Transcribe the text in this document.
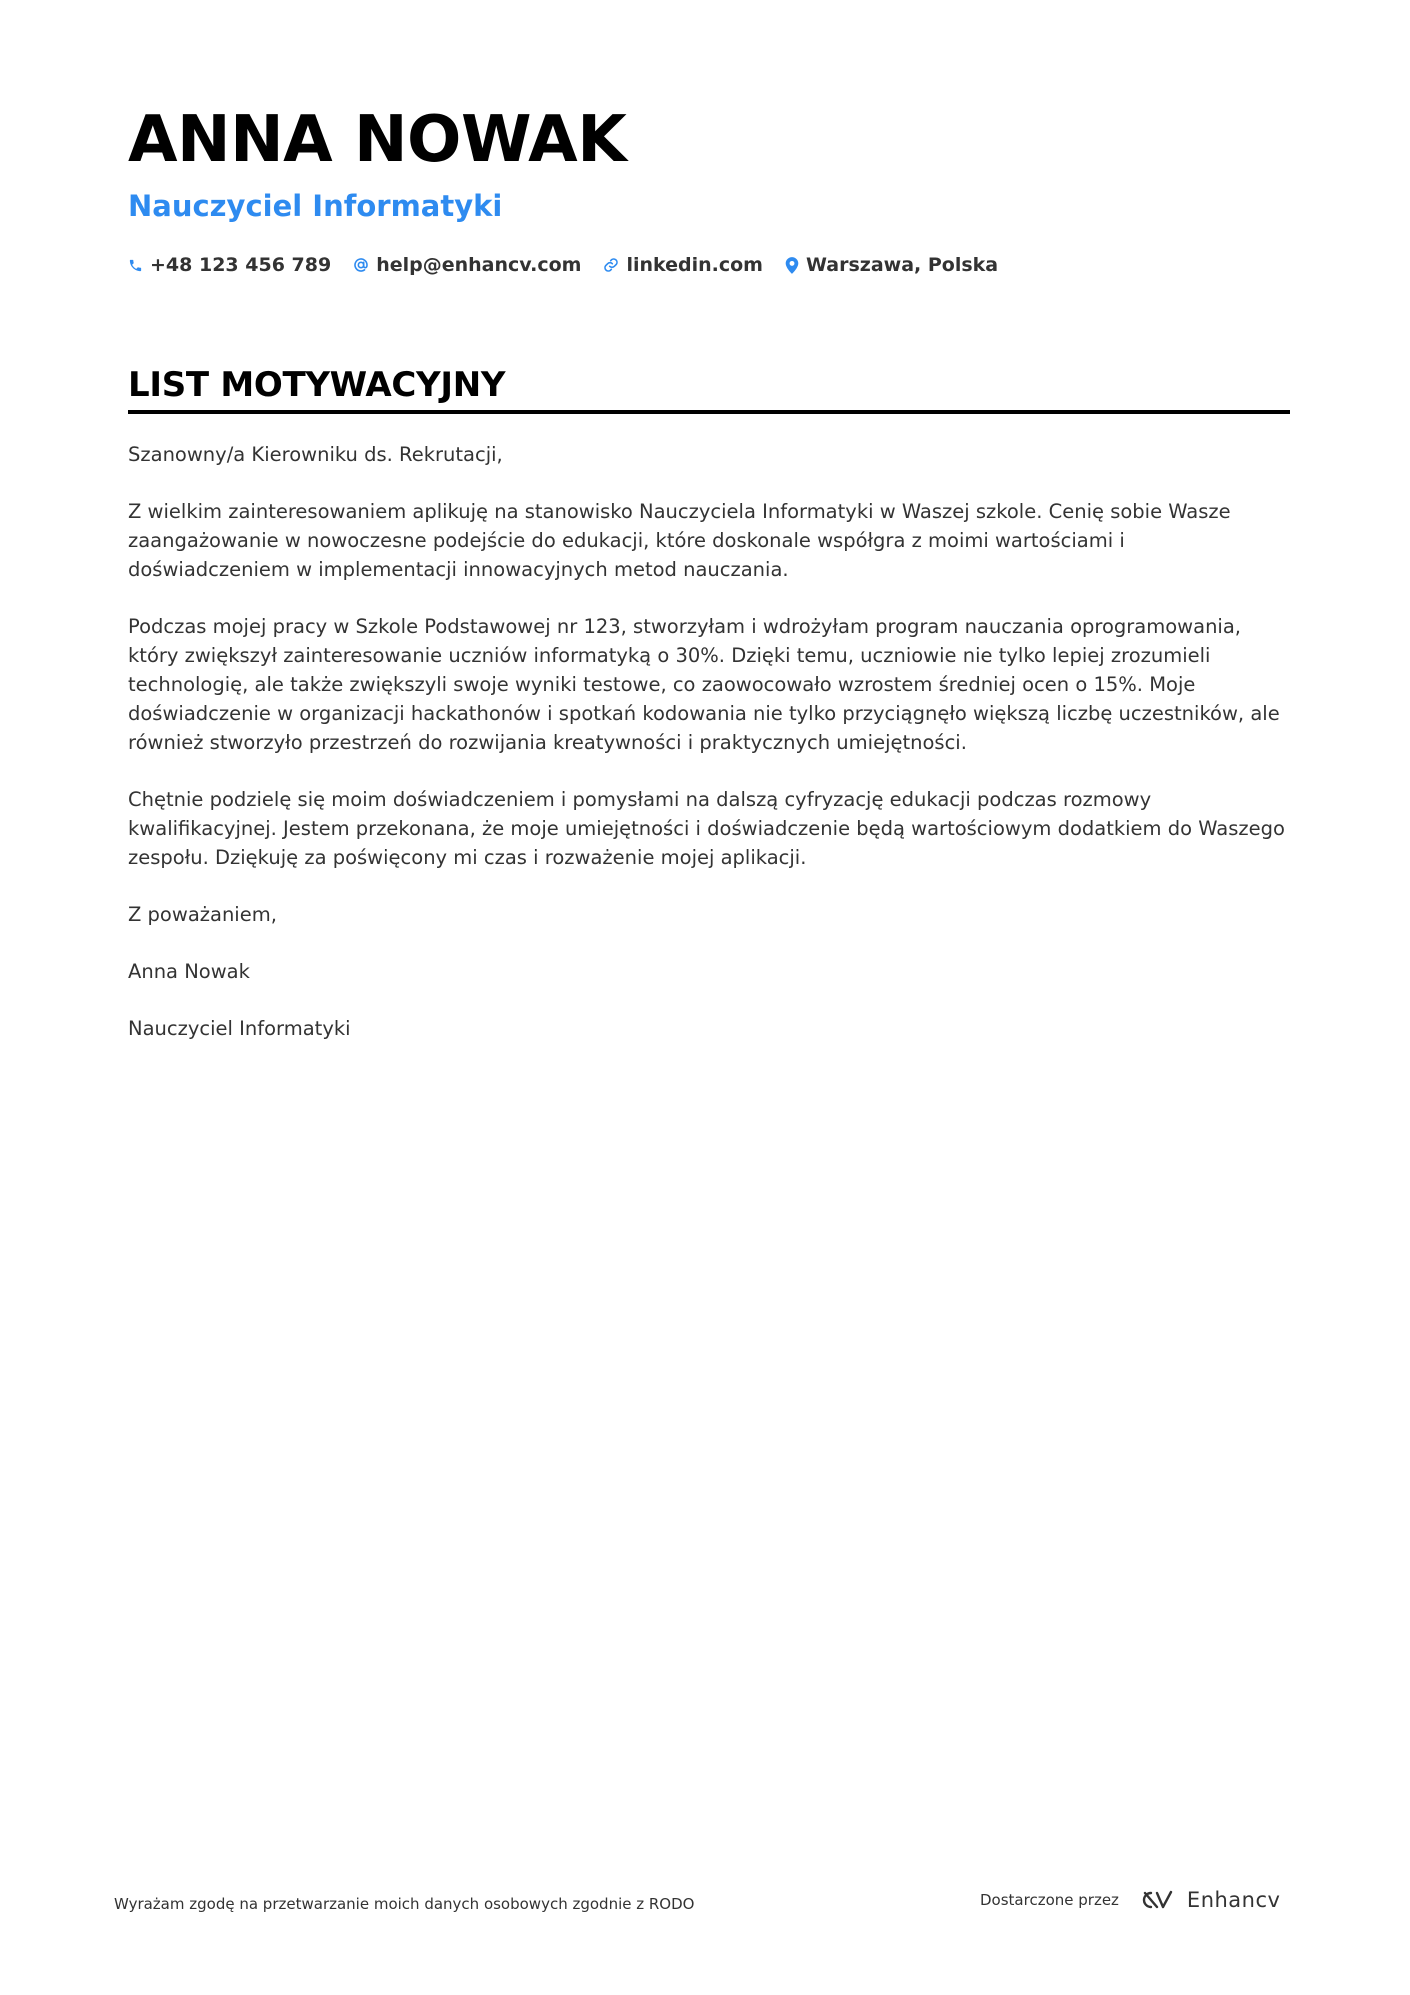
ANNA NOWAK
Nauczyciel Informatyki
+48 123 456 789 help@enhancv.com linkedin.com Warszawa, Polska
LIST MOTYWACYJNY

Szanowny/a Kierowniku ds. Rekrutacji,

Z wielkim zainteresowaniem aplikuję na stanowisko Nauczyciela Informatyki w Waszej szkole. Cenię sobie Wasze zaangażowanie w nowoczesne podejście do edukacji, które doskonale współgra z moimi wartościami i doświadczeniem w implementacji innowacyjnych metod nauczania.

Podczas mojej pracy w Szkole Podstawowej nr 123, stworzyłam i wdrożyłam program nauczania oprogramowania, który zwiększył zainteresowanie uczniów informatyką o 30%. Dzięki temu, uczniowie nie tylko lepiej zrozumieli technologię, ale także zwiększyli swoje wyniki testowe, co zaowocowało wzrostem średniej ocen o 15%. Moje doświadczenie w organizacji hackathonów i spotkań kodowania nie tylko przyciągnęło większą liczbę uczestników, ale również stworzyło przestrzeń do rozwijania kreatywności i praktycznych umiejętności.

Chętnie podzielę się moim doświadczeniem i pomysłami na dalszą cyfryzację edukacji podczas rozmowy kwalifikacyjnej. Jestem przekonana, że moje umiejętności i doświadczenie będą wartościowym dodatkiem do Waszego zespołu. Dziękuję za poświęcony mi czas i rozważenie mojej aplikacji.

Z poważaniem,

Anna Nowak

Nauczyciel Informatyki

Wyrażam zgodę na przetwarzanie moich danych osobowych zgodnie z RODO	Dostarczone przez	Enhancv
